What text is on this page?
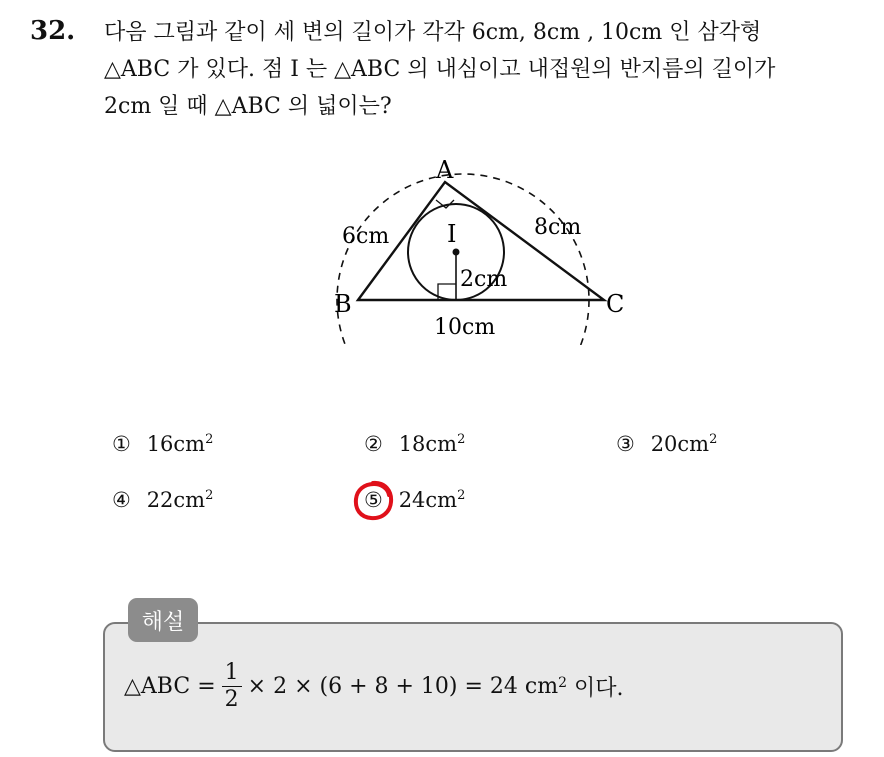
32. 다음 그림과 같이 세 변의 길이가 각각 6cm, 8cm , 10cm 인 삼각형
△ABC 가 있다. 점 I 는 △ABC 의 내심이고 내접원의 반지름의 길이가
2cm 일 때 △ABC 의 넓이는?
A
B	C
I
6cm	8cm
10cm
2cm
① $16cm^2$	② $18cm^2$	③ $20cm^2$
④ $22cm^2$	⑤ $24cm^2$
해설
△ABC = $\frac{1}{2} \times 2 \times (6 + 8 + 10) = 24$ $cm^2$ 이다.
